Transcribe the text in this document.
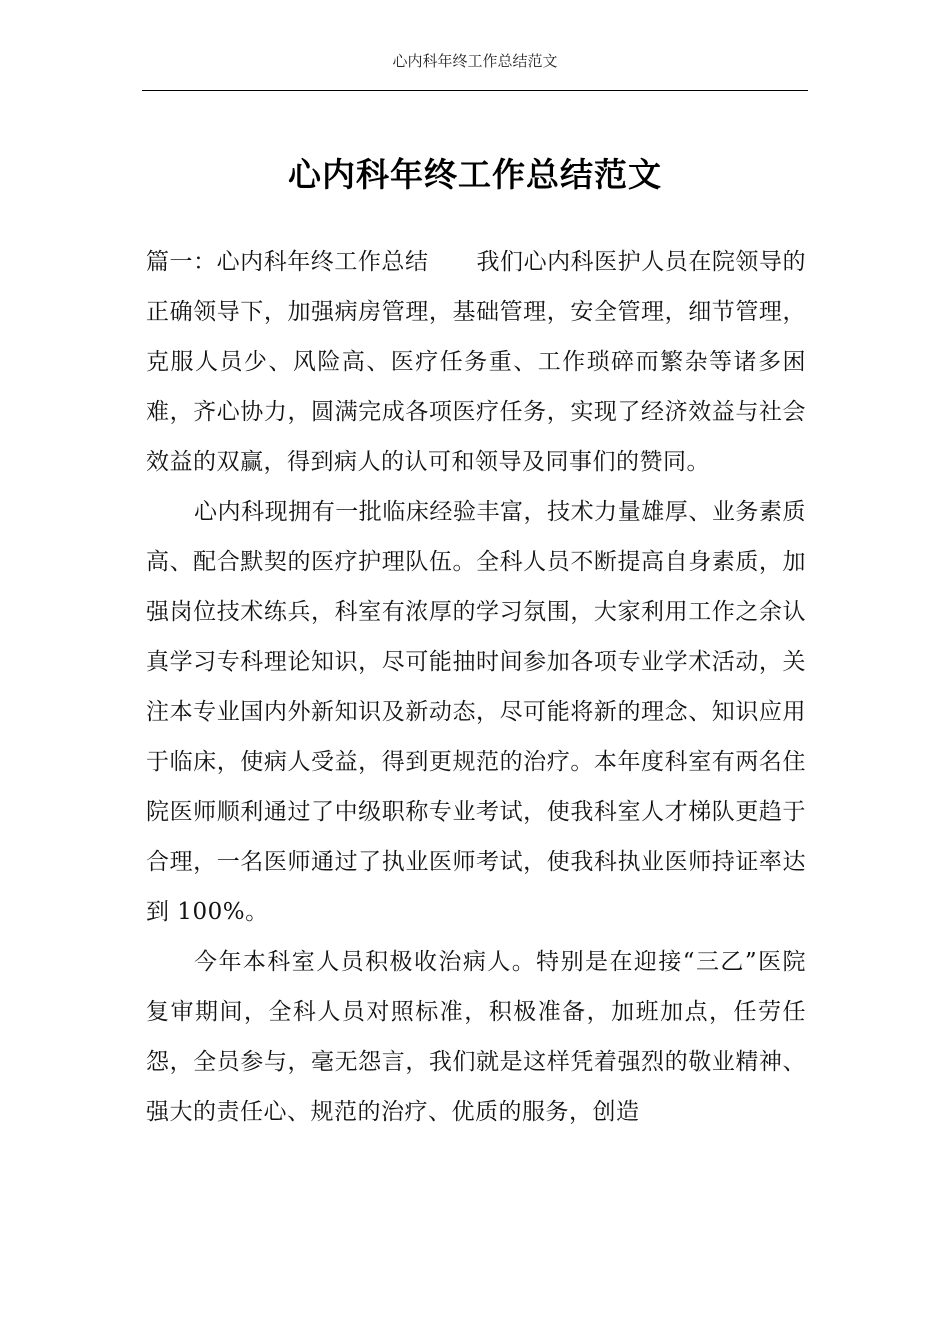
心内科年终工作总结范文
心内科年终工作总结范文

篇一：心内科年终工作总结 我们心内科医护人员在院领导的正确领导下，加强病房管理，基础管理，安全管理，细节管理，克服人员少、风险高、医疗任务重、工作琐碎而繁杂等诸多困难，齐心协力，圆满完成各项医疗任务，实现了经济效益与社会效益的双赢，得到病人的认可和领导及同事们的赞同。

心内科现拥有一批临床经验丰富，技术力量雄厚、业务素质高、配合默契的医疗护理队伍。全科人员不断提高自身素质，加强岗位技术练兵，科室有浓厚的学习氛围，大家利用工作之余认真学习专科理论知识，尽可能抽时间参加各项专业学术活动，关注本专业国内外新知识及新动态，尽可能将新的理念、知识应用于临床，使病人受益，得到更规范的治疗。本年度科室有两名住院医师顺利通过了中级职称专业考试，使我科室人才梯队更趋于合理，一名医师通过了执业医师考试，使我科执业医师持证率达到 100%。

今年本科室人员积极收治病人。特别是在迎接“三乙”医院复审期间，全科人员对照标准，积极准备，加班加点，任劳任怨，全员参与，毫无怨言，我们就是这样凭着强烈的敬业精神、强大的责任心、规范的治疗、优质的服务，创造
